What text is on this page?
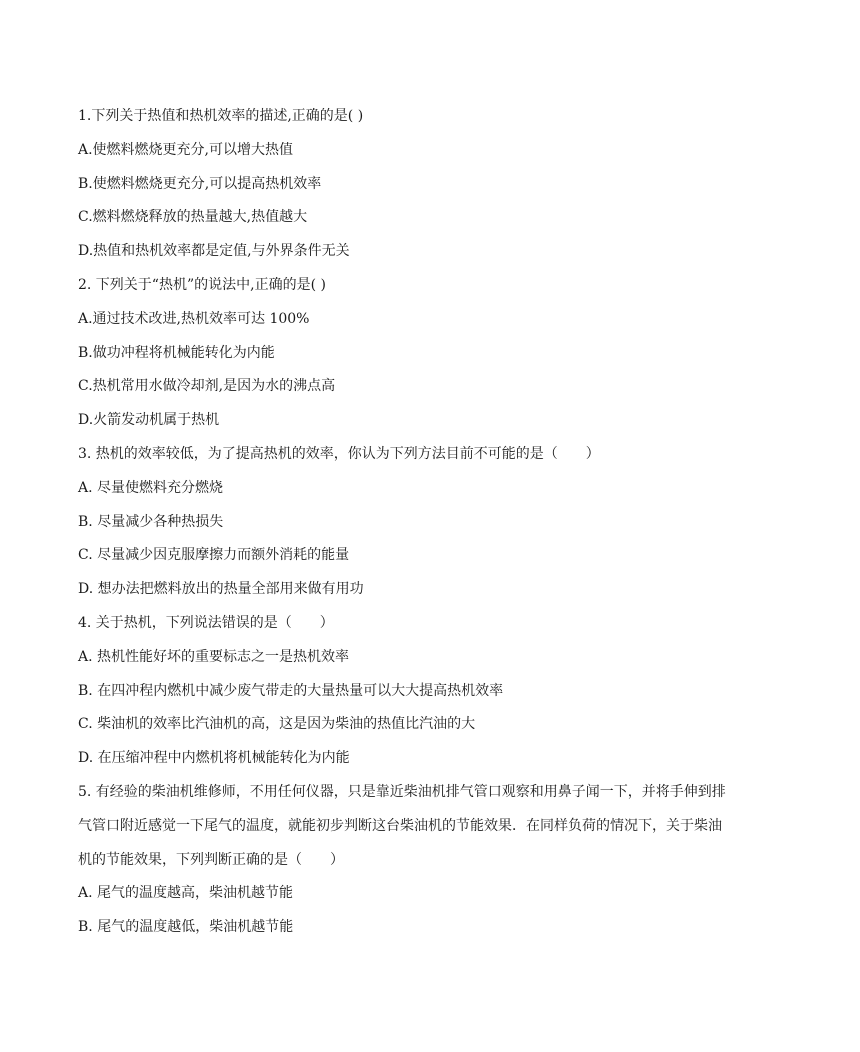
1.下列关于热值和热机效率的描述,正确的是( )

A.使燃料燃烧更充分,可以增大热值

B.使燃料燃烧更充分,可以提高热机效率

C.燃料燃烧释放的热量越大,热值越大

D.热值和热机效率都是定值,与外界条件无关

2. 下列关于“热机”的说法中,正确的是( )

A.通过技术改进,热机效率可达 100%

B.做功冲程将机械能转化为内能

C.热机常用水做冷却剂,是因为水的沸点高

D.火箭发动机属于热机

3. 热机的效率较低，为了提高热机的效率，你认为下列方法目前不可能的是（　　）

A. 尽量使燃料充分燃烧

B. 尽量减少各种热损失

C. 尽量减少因克服摩擦力而额外消耗的能量

D. 想办法把燃料放出的热量全部用来做有用功

4. 关于热机，下列说法错误的是（　　）

A. 热机性能好坏的重要标志之一是热机效率

B. 在四冲程内燃机中减少废气带走的大量热量可以大大提高热机效率

C. 柴油机的效率比汽油机的高，这是因为柴油的热值比汽油的大

D. 在压缩冲程中内燃机将机械能转化为内能

5. 有经验的柴油机维修师，不用任何仪器，只是靠近柴油机排气管口观察和用鼻子闻一下，并将手伸到排

气管口附近感觉一下尾气的温度，就能初步判断这台柴油机的节能效果．在同样负荷的情况下，关于柴油

机的节能效果，下列判断正确的是（　　）

A. 尾气的温度越高，柴油机越节能

B. 尾气的温度越低，柴油机越节能
